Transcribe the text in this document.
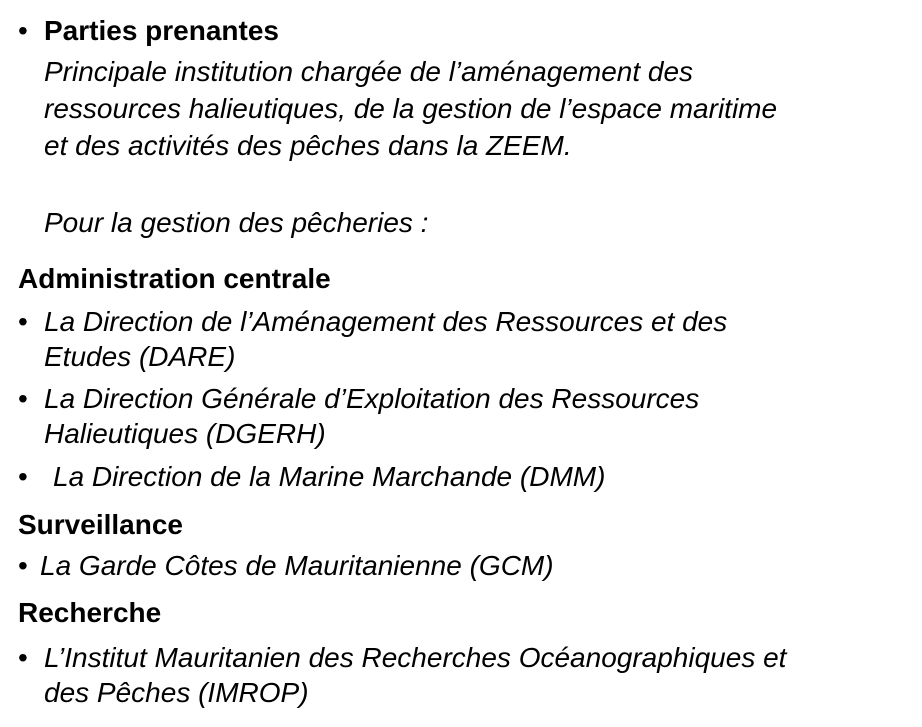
• Parties prenantes
Principale institution chargée de l’aménagement des
ressources halieutiques, de la gestion de l’espace maritime
et des activités des pêches dans la ZEEM.
Pour la gestion des pêcheries :
Administration centrale
• La Direction de l’Aménagement des Ressources et des
Etudes (DARE)
• La Direction Générale d’Exploitation des Ressources
Halieutiques (DGERH)
• La Direction de la Marine Marchande (DMM)
Surveillance
• La Garde Côtes de Mauritanienne (GCM)
Recherche
• L’Institut Mauritanien des Recherches Océanographiques et
des Pêches (IMROP)
